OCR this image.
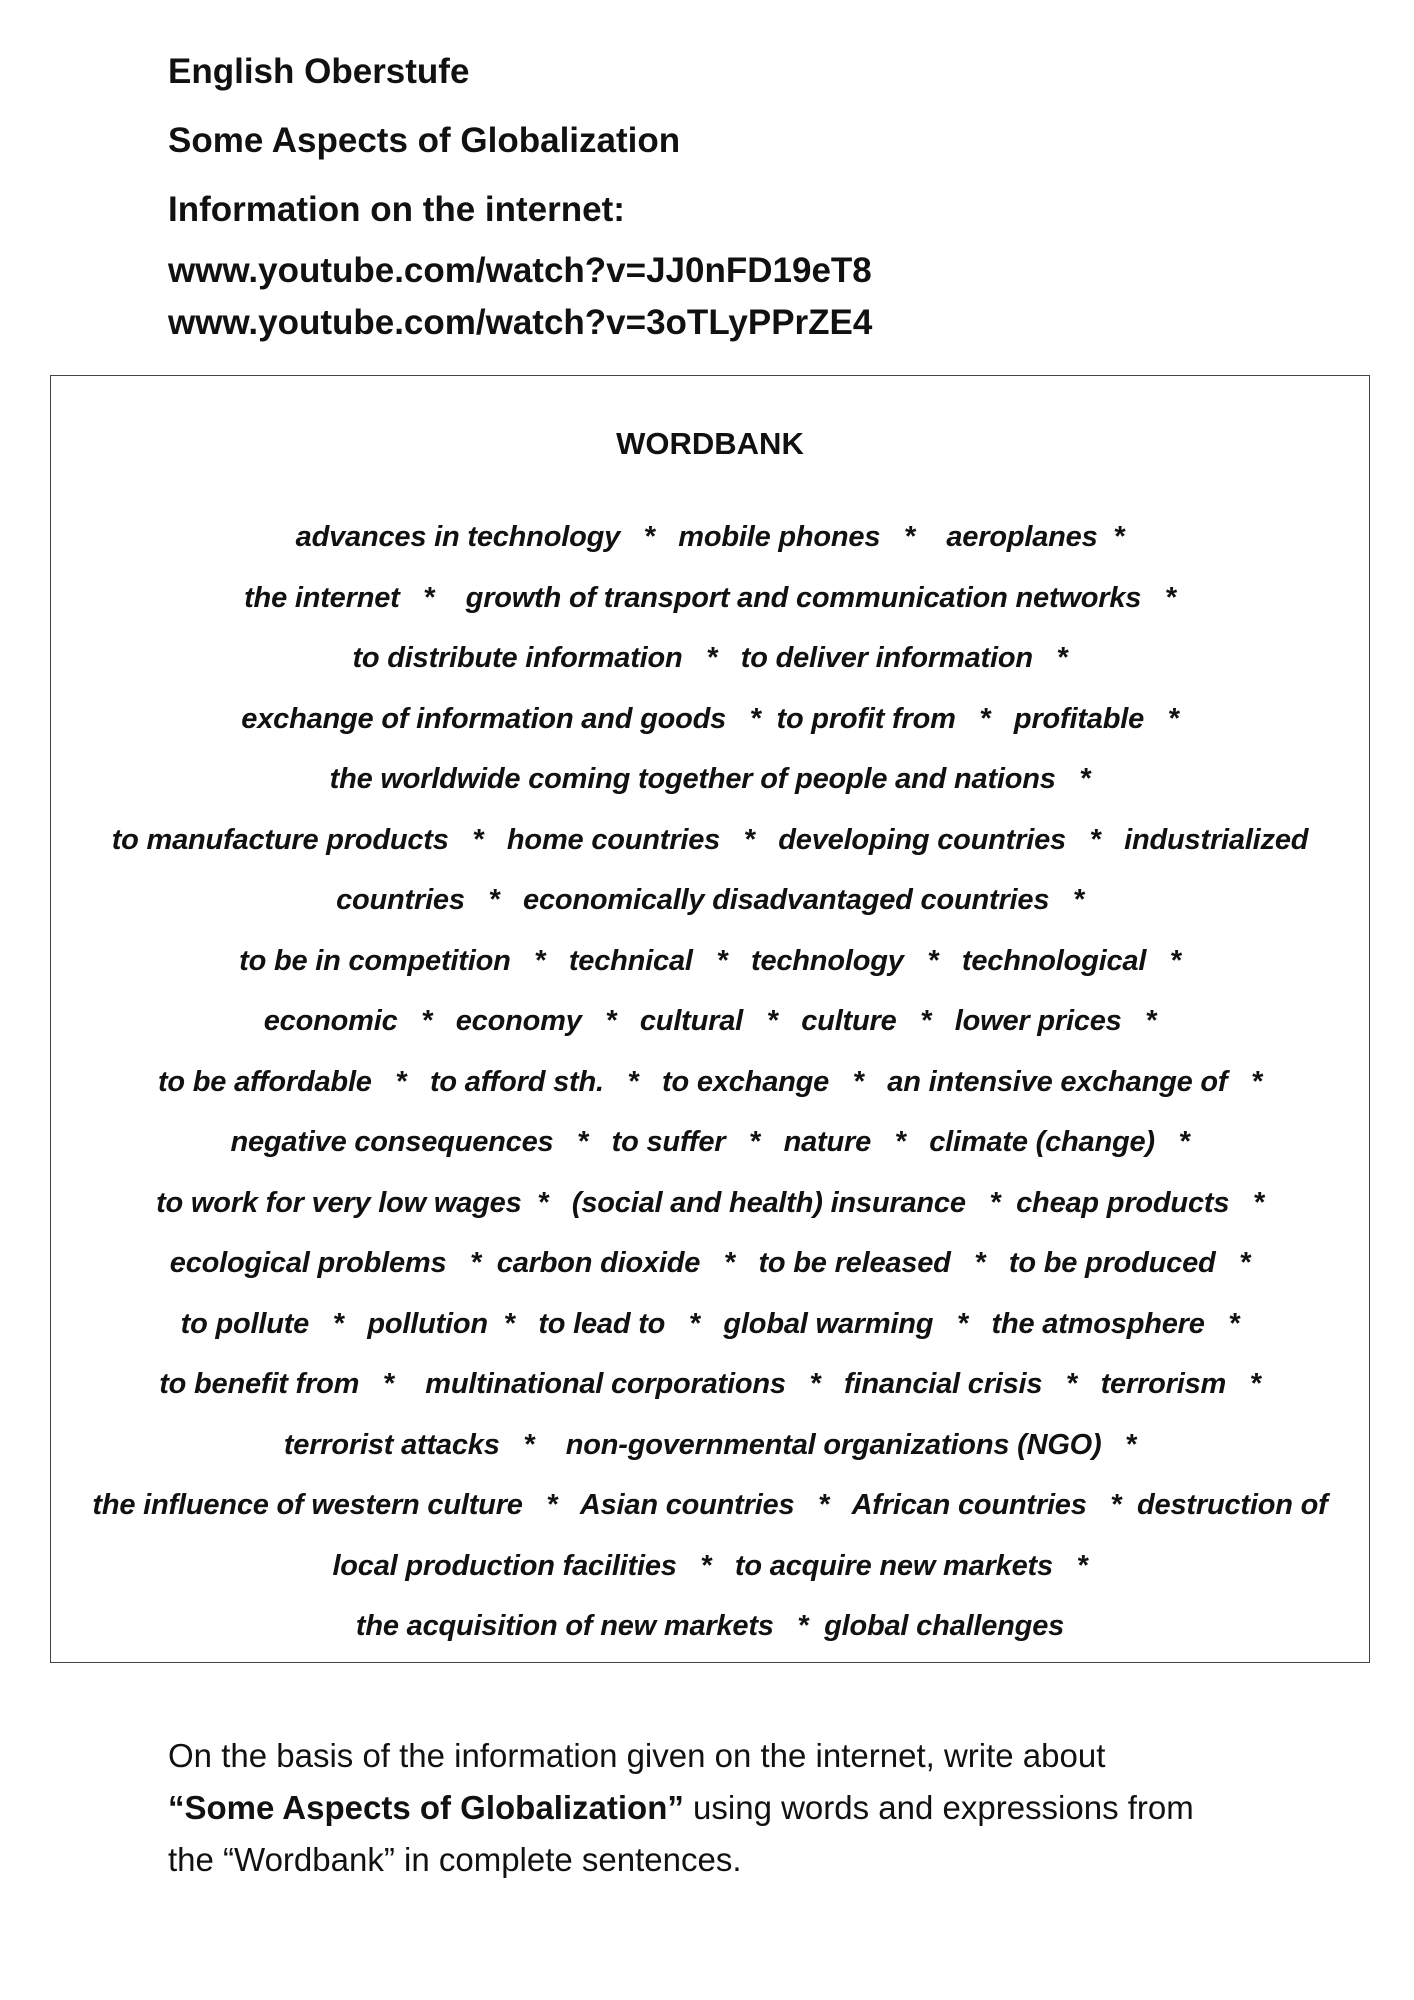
English Oberstufe
Some Aspects of Globalization
Information on the internet:
www.youtube.com/watch?v=JJ0nFD19eT8
www.youtube.com/watch?v=3oTLyPPrZE4
WORDBANK
advances in technology   *   mobile phones   *    aeroplanes  *
the internet   *    growth of transport and communication networks   *
to distribute information   *   to deliver information   *
exchange of information and goods   *  to profit from   *   profitable   *
the worldwide coming together of people and nations   *
to manufacture products   *   home countries   *   developing countries   *   industrialized
countries   *   economically disadvantaged countries   *
to be in competition   *   technical   *   technology   *   technological   *
economic   *   economy   *   cultural   *   culture   *   lower prices   *
to be affordable   *   to afford sth.   *   to exchange   *   an intensive exchange of   *
negative consequences   *   to suffer   *   nature   *   climate (change)   *
to work for very low wages  *   (social and health) insurance   *  cheap products   *
ecological problems   *  carbon dioxide   *   to be released   *   to be produced   *
to pollute   *   pollution  *   to lead to   *   global warming   *   the atmosphere   *
to benefit from   *    multinational corporations   *   financial crisis   *   terrorism   *
terrorist attacks   *    non-governmental organizations (NGO)   *
the influence of western culture   *   Asian countries   *   African countries   *  destruction of
local production facilities   *   to acquire new markets   *
the acquisition of new markets   *  global challenges
On the basis of the information given on the internet, write about
“Some Aspects of Globalization” using words and expressions from
the “Wordbank” in complete sentences.
